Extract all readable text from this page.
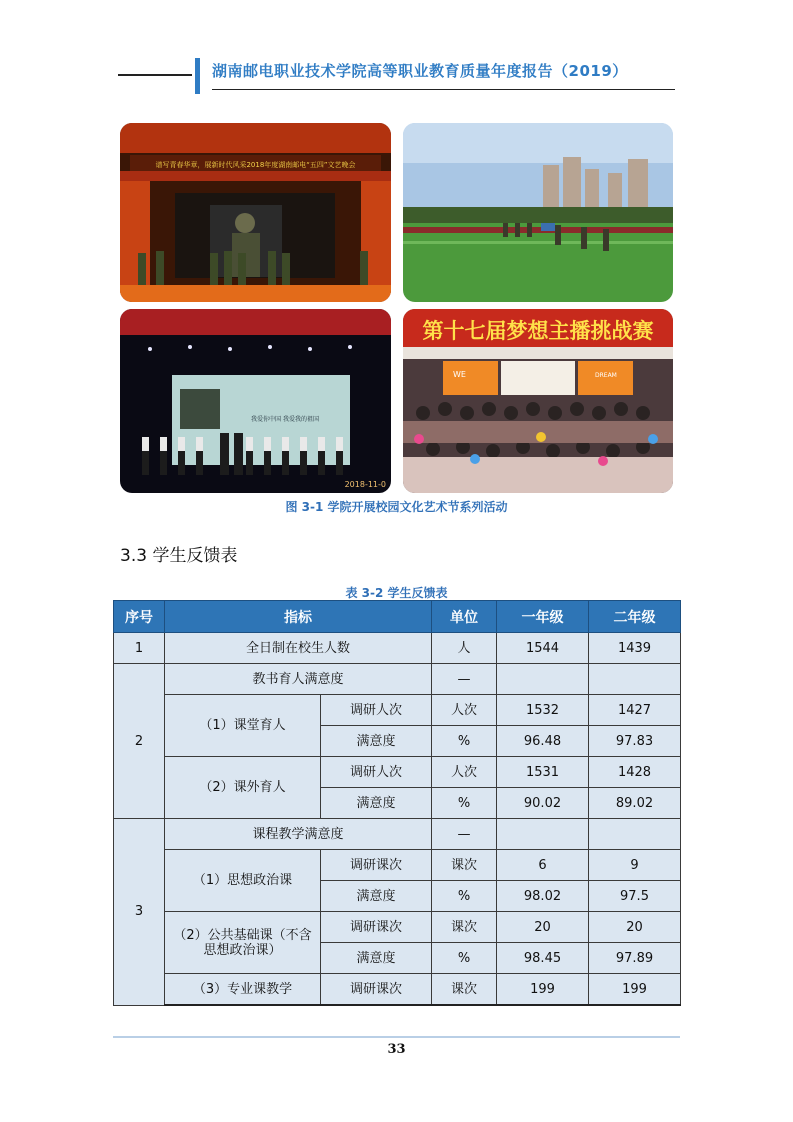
湖南邮电职业技术学院高等职业教育质量年度报告（2019）
谱写青春华章，展新时代风采2018年度湖南邮电“五四”文艺晚会
我爱你中国 我爱我的祖国
2018-11-0
第十七届梦想主播挑战赛
WE	DREAM
图 3-1 学院开展校园文化艺术节系列活动
3.3 学生反馈表
表 3-2 学生反馈表
序号	指标		单位	一年级	二年级
1	全日制在校生人数		人	1544	1439
2	教书育人满意度		—		
	（1）课堂育人	调研人次	人次	1532	1427
		满意度	%	96.48	97.83
	（2）课外育人	调研人次	人次	1531	1428
		满意度	%	90.02	89.02
3	课程教学满意度		—		
	（1）思想政治课	调研课次	课次	6	9
		满意度	%	98.02	97.5
	（2）公共基础课（不含思想政治课）	调研课次	课次	20	20
		满意度	%	98.45	97.89
	（3）专业课教学	调研课次	课次	199	199
33
